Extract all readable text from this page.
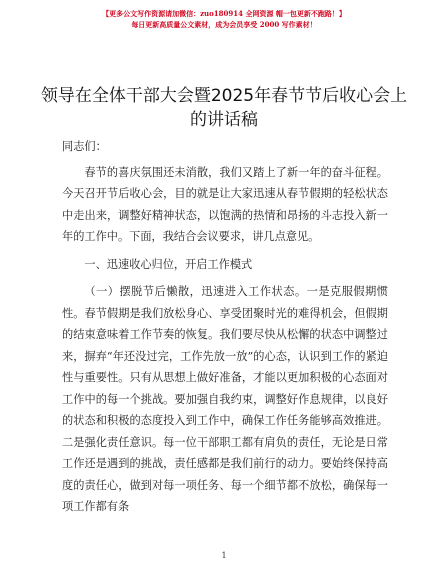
【更多公文写作资源请加微信：zuo180914 全网资源 帽一包更新不跑路！】
每日更新高质量公文素材，成为会员享受 2000 写作素材！
领导在全体干部大会暨2025年春节节后收心会上的讲话稿

同志们：

春节的喜庆氛围还未消散，我们又踏上了新一年的奋斗征程。今天召开节后收心会，目的就是让大家迅速从春节假期的轻松状态中走出来，调整好精神状态，以饱满的热情和昂扬的斗志投入新一年的工作中。下面，我结合会议要求，讲几点意见。

一、迅速收心归位，开启工作模式

（一）摆脱节后懒散，迅速进入工作状态。一是克服假期惯性。春节假期是我们放松身心、享受团聚时光的难得机会，但假期的结束意味着工作节奏的恢复。我们要尽快从松懈的状态中调整过来，摒弃“年还没过完，工作先放一放”的心态，认识到工作的紧迫性与重要性。只有从思想上做好准备，才能以更加积极的心态面对工作中的每一个挑战。要加强自我约束，调整好作息规律，以良好的状态和积极的态度投入到工作中，确保工作任务能够高效推进。二是强化责任意识。每一位干部职工都有肩负的责任，无论是日常工作还是遇到的挑战，责任感都是我们前行的动力。要始终保持高度的责任心，做到对每一项任务、每一个细节都不放松，确保每一项工作都有条

1
